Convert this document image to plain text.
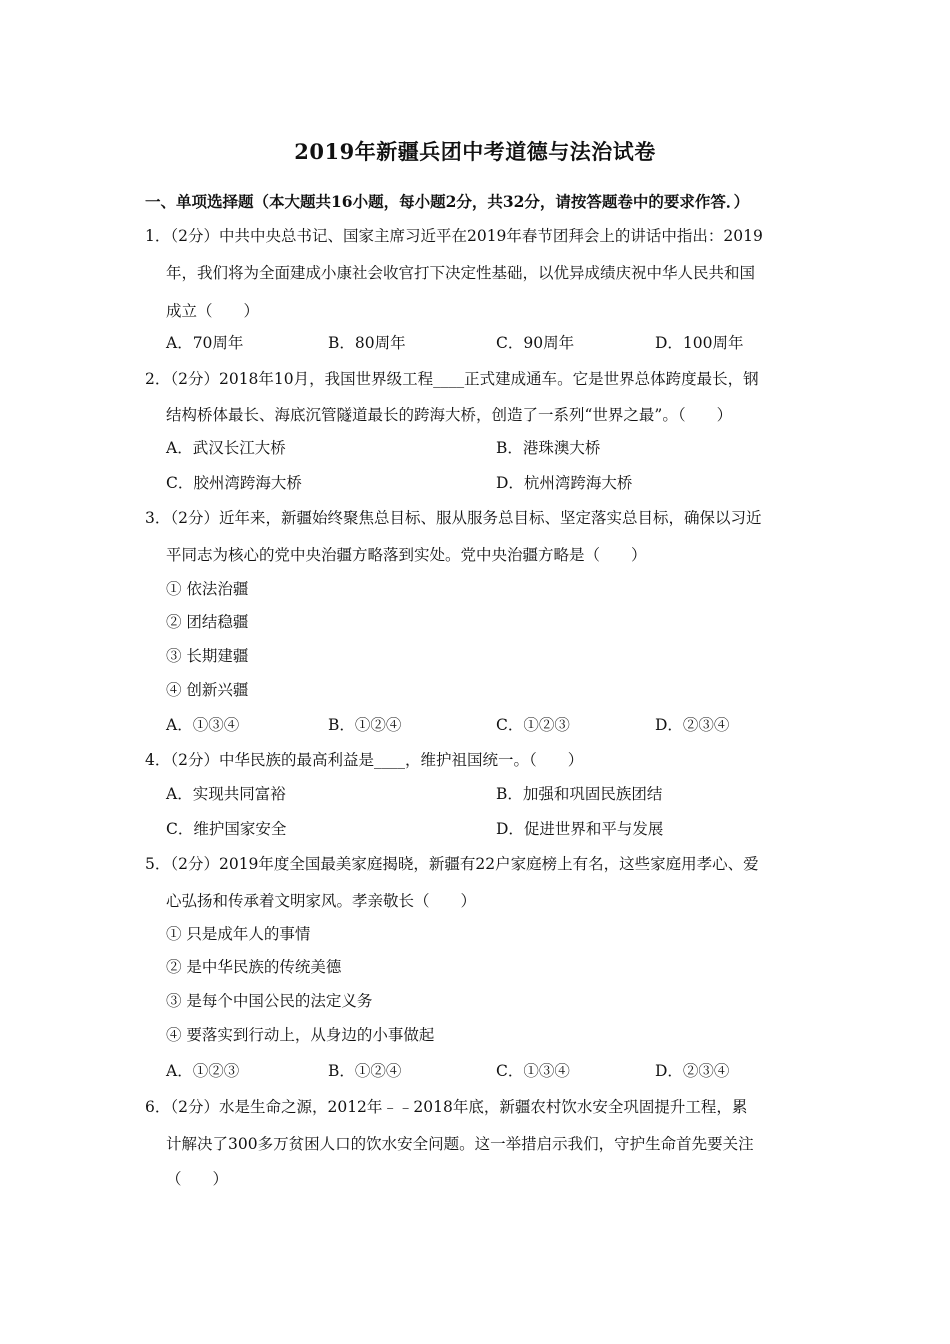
2019年新疆兵团中考道德与法治试卷
一、单项选择题（本大题共16小题，每小题2分，共32分，请按答题卷中的要求作答．）
1．（2分）中共中央总书记、国家主席习近平在2019年春节团拜会上的讲话中指出：2019
年，我们将为全面建成小康社会收官打下决定性基础，以优异成绩庆祝中华人民共和国
成立（　　）
A．70周年	B．80周年	C．90周年	D．100周年
2．（2分）2018年10月，我国世界级工程____正式建成通车。它是世界总体跨度最长，钢
结构桥体最长、海底沉管隧道最长的跨海大桥，创造了一系列“世界之最”。（　　）
A．武汉长江大桥	B．港珠澳大桥
C．胶州湾跨海大桥	D．杭州湾跨海大桥
3．（2分）近年来，新疆始终聚焦总目标、服从服务总目标、坚定落实总目标，确保以习近
平同志为核心的党中央治疆方略落到实处。党中央治疆方略是（　　）
① 依法治疆
② 团结稳疆
③ 长期建疆
④ 创新兴疆
A．①③④	B．①②④	C．①②③	D．②③④
4．（2分）中华民族的最高利益是____，维护祖国统一。（　　）
A．实现共同富裕	B．加强和巩固民族团结
C．维护国家安全	D．促进世界和平与发展
5．（2分）2019年度全国最美家庭揭晓，新疆有22户家庭榜上有名，这些家庭用孝心、爱
心弘扬和传承着文明家风。孝亲敬长（　　）
① 只是成年人的事情
② 是中华民族的传统美德
③ 是每个中国公民的法定义务
④ 要落实到行动上，从身边的小事做起
A．①②③	B．①②④	C．①③④	D．②③④
6．（2分）水是生命之源，2012年﹣﹣2018年底，新疆农村饮水安全巩固提升工程，累
计解决了300多万贫困人口的饮水安全问题。这一举措启示我们，守护生命首先要关注
（　　）
